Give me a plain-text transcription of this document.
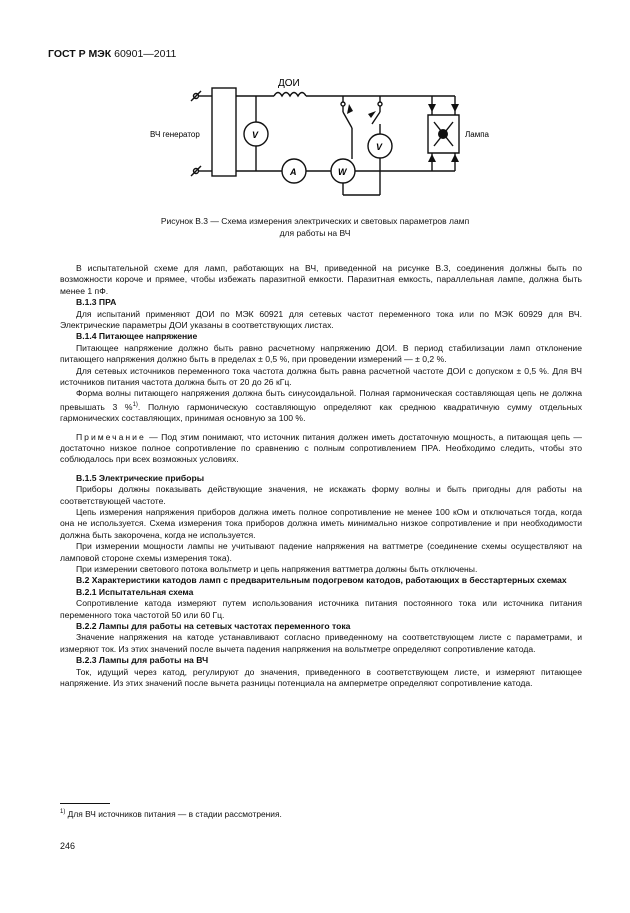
ГОСТ Р МЭК 60901—2011
ДОИ
ВЧ генератор	Лампа
V
A	W
V
Рисунок В.3 — Схема измерения электрических и световых параметров ламп
для работы на ВЧ

В испытательной схеме для ламп, работающих на ВЧ, приведенной на рисунке В.3, соединения должны быть по возможности короче и прямее, чтобы избежать паразитной емкости. Паразитная емкость, параллельная лампе, должна быть менее 1 пФ.

В.1.3 ПРА

Для испытаний применяют ДОИ по МЭК 60921 для сетевых частот переменного тока или по МЭК 60929 для ВЧ. Электрические параметры ДОИ указаны в соответствующих листах.

В.1.4 Питающее напряжение

Питающее напряжение должно быть равно расчетному напряжению ДОИ. В период стабилизации ламп отклонение питающего напряжения должно быть в пределах ± 0,5 %, при проведении измерений — ± 0,2 %.

Для сетевых источников переменного тока частота должна быть равна расчетной частоте ДОИ с допуском ± 0,5 %. Для ВЧ источников питания частота должна быть от 20 до 26 кГц.

Форма волны питающего напряжения должна быть синусоидальной. Полная гармоническая составляющая цепь не должна превышать 3 %$^{1)}$. Полную гармоническую составляющую определяют как среднюю квадратичную сумму отдельных гармонических составляющих, принимая основную за 100 %.

Примечание — Под этим понимают, что источник питания должен иметь достаточную мощность, а питающая цепь — достаточно низкое полное сопротивление по сравнению с полным сопротивлением ПРА. Необходимо следить, чтобы это соблюдалось при всех возможных условиях.

В.1.5 Электрические приборы

Приборы должны показывать действующие значения, не искажать форму волны и быть пригодны для работы на соответствующей частоте.

Цепь измерения напряжения приборов должна иметь полное сопротивление не менее 100 кОм и отключаться тогда, когда она не используется. Схема измерения тока приборов должна иметь минимально низкое сопротивление и при необходимости должна быть закорочена, когда не используется.

При измерении мощности лампы не учитывают падение напряжения на ваттметре (соединение схемы осуществляют на ламповой стороне схемы измерения тока).

При измерении светового потока вольтметр и цепь напряжения ваттметра должны быть отключены.

В.2 Характеристики катодов ламп с предварительным подогревом катодов, работающих в бесстартерных схемах

В.2.1 Испытательная схема

Сопротивление катода измеряют путем использования источника питания постоянного тока или источника питания переменного тока частотой 50 или 60 Гц.

В.2.2 Лампы для работы на сетевых частотах переменного тока

Значение напряжения на катоде устанавливают согласно приведенному на соответствующем листе с параметрами, и измеряют ток. Из этих значений после вычета падения напряжения на вольтметре определяют сопротивление катода.

В.2.3 Лампы для работы на ВЧ

Ток, идущий через катод, регулируют до значения, приведенного в соответствующем листе, и измеряют питающее напряжение. Из этих значений после вычета разницы потенциала на амперметре определяют сопротивление катода.

$^{1)}$ Для ВЧ источников питания — в стадии рассмотрения.
246
